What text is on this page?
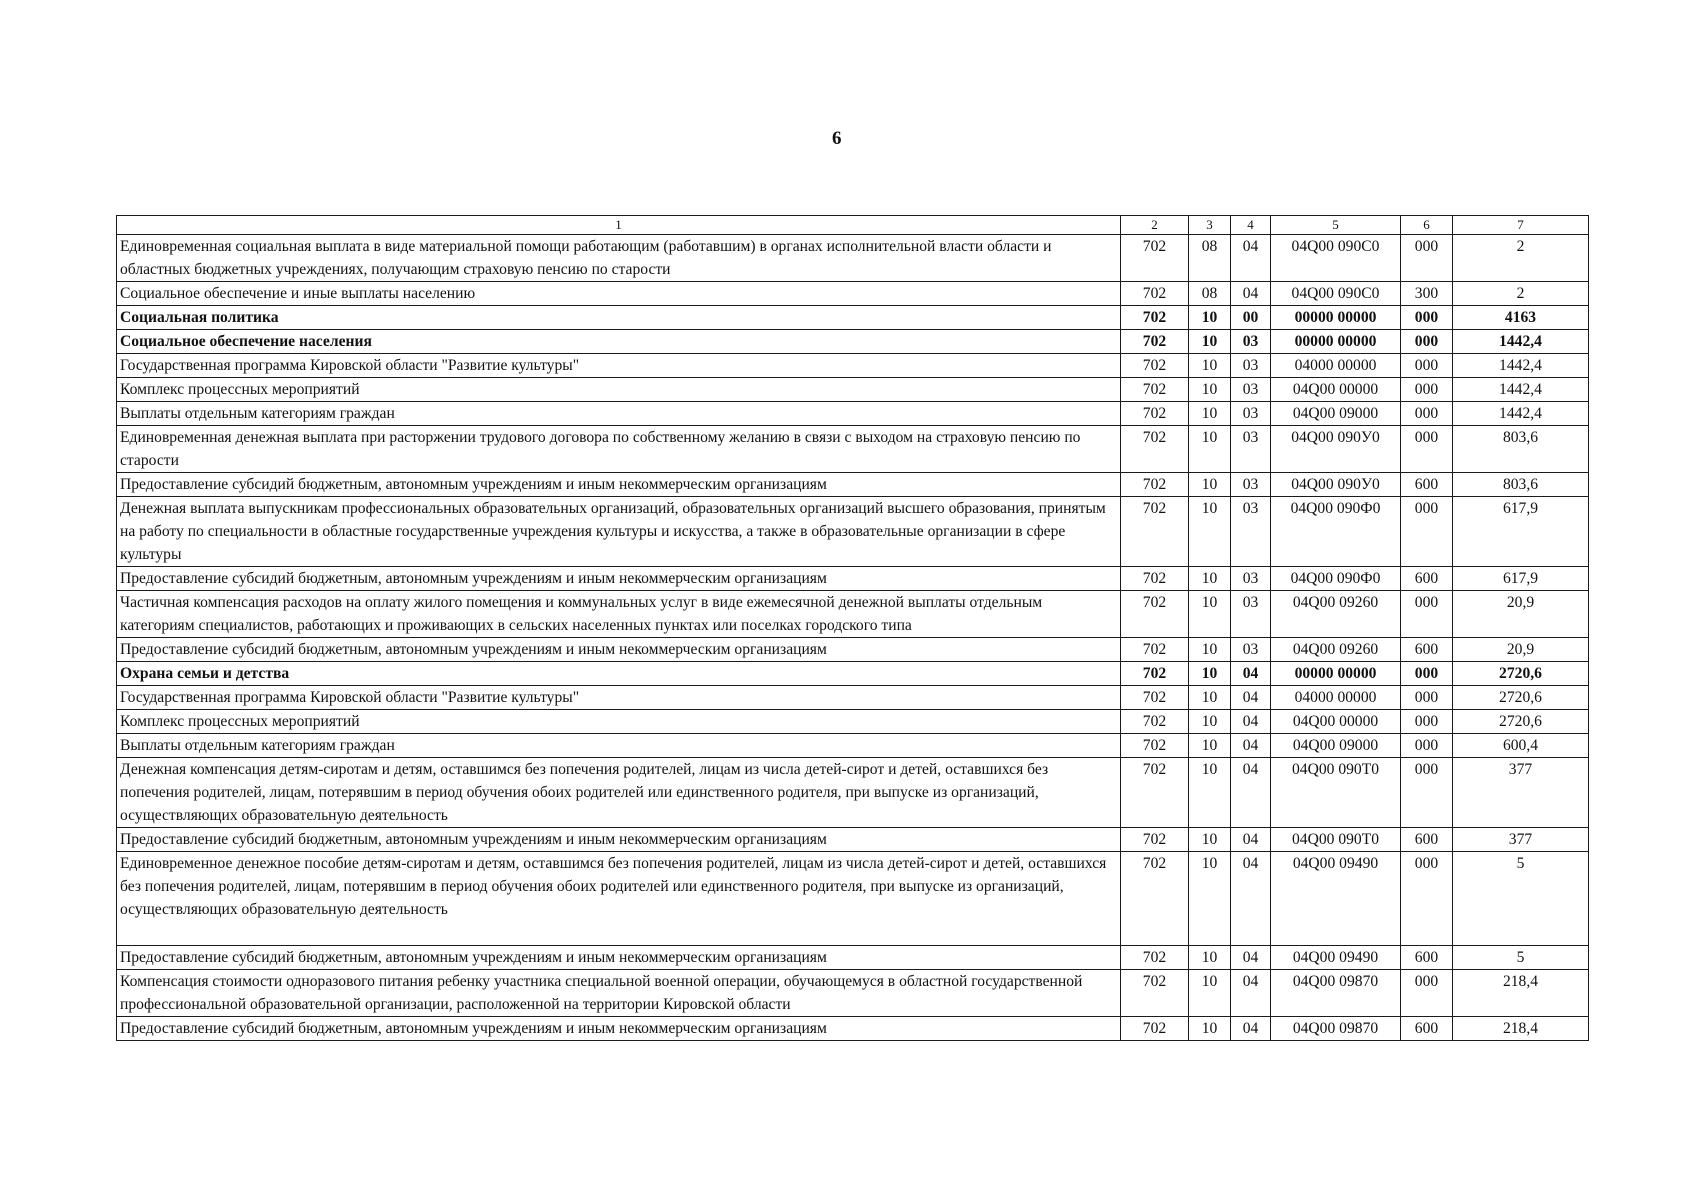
6
1	2	3	4	5	6	7
Единовременная социальная выплата в виде материальной помощи работающим (работавшим) в органах исполнительной власти области и областных бюджетных учреждениях, получающим страховую пенсию по старости	702	08	04	04Q00 090C0	000	2
Социальное обеспечение и иные выплаты населению	702	08	04	04Q00 090C0	300	2
Социальная политика	702	10	00	00000 00000	000	4163
Социальное обеспечение населения	702	10	03	00000 00000	000	1442,4
Государственная программа Кировской области "Развитие культуры"	702	10	03	04000 00000	000	1442,4
Комплекс процессных мероприятий	702	10	03	04Q00 00000	000	1442,4
Выплаты отдельным категориям граждан	702	10	03	04Q00 09000	000	1442,4
Единовременная денежная выплата при расторжении трудового договора по собственному желанию в связи с выходом на страховую пенсию по старости	702	10	03	04Q00 090У0	000	803,6
Предоставление субсидий бюджетным, автономным учреждениям и иным некоммерческим организациям	702	10	03	04Q00 090У0	600	803,6
Денежная выплата выпускникам профессиональных образовательных организаций, образовательных организаций высшего образования, принятым на работу по специальности в областные государственные учреждения культуры и искусства, а также в образовательные организации в сфере культуры	702	10	03	04Q00 090Ф0	000	617,9
Предоставление субсидий бюджетным, автономным учреждениям и иным некоммерческим организациям	702	10	03	04Q00 090Ф0	600	617,9
Частичная компенсация расходов на оплату жилого помещения и коммунальных услуг в виде ежемесячной денежной выплаты отдельным категориям специалистов, работающих и проживающих в сельских населенных пунктах или поселках городского типа	702	10	03	04Q00 09260	000	20,9
Предоставление субсидий бюджетным, автономным учреждениям и иным некоммерческим организациям	702	10	03	04Q00 09260	600	20,9
Охрана семьи и детства	702	10	04	00000 00000	000	2720,6
Государственная программа Кировской области "Развитие культуры"	702	10	04	04000 00000	000	2720,6
Комплекс процессных мероприятий	702	10	04	04Q00 00000	000	2720,6
Выплаты отдельным категориям граждан	702	10	04	04Q00 09000	000	600,4
Денежная компенсация детям-сиротам и детям, оставшимся без попечения родителей, лицам из числа детей-сирот и детей, оставшихся без попечения родителей, лицам, потерявшим в период обучения обоих родителей или единственного родителя, при выпуске из организаций, осуществляющих образовательную деятельность	702	10	04	04Q00 090T0	000	377
Предоставление субсидий бюджетным, автономным учреждениям и иным некоммерческим организациям	702	10	04	04Q00 090T0	600	377
Единовременное денежное пособие детям-сиротам и детям, оставшимся без попечения родителей, лицам из числа детей-сирот и детей, оставшихся без попечения родителей, лицам, потерявшим в период обучения обоих родителей или единственного родителя, при выпуске из организаций, осуществляющих образовательную деятельность	702	10	04	04Q00 09490	000	5
Предоставление субсидий бюджетным, автономным учреждениям и иным некоммерческим организациям	702	10	04	04Q00 09490	600	5
Компенсация стоимости одноразового питания ребенку участника специальной военной операции, обучающемуся в областной государственной профессиональной образовательной организации, расположенной на территории Кировской области	702	10	04	04Q00 09870	000	218,4
Предоставление субсидий бюджетным, автономным учреждениям и иным некоммерческим организациям	702	10	04	04Q00 09870	600	218,4
